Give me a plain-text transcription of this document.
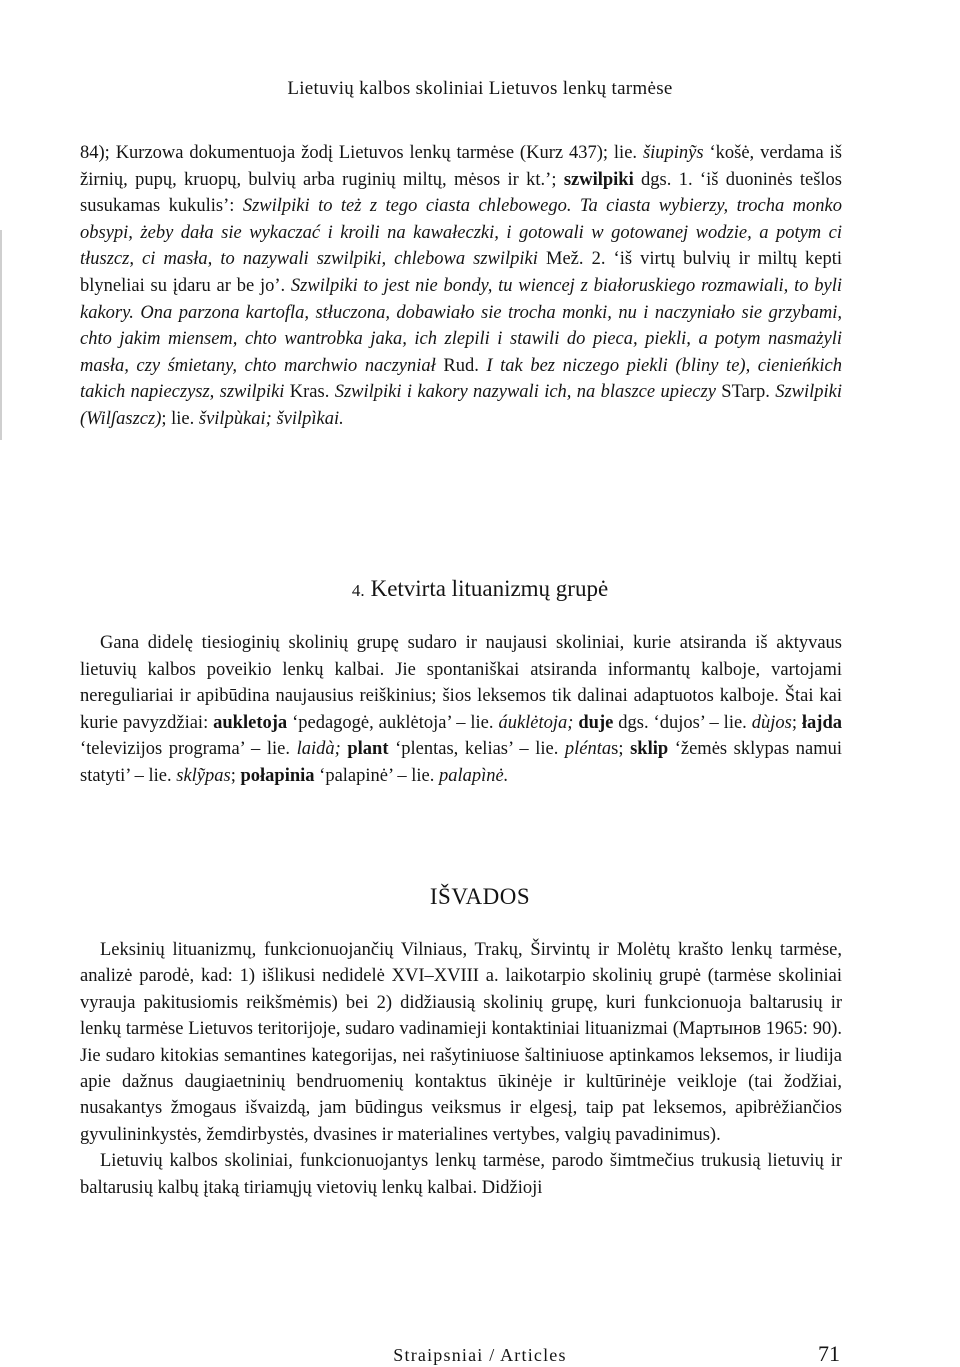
Lietuvių kalbos skoliniai Lietuvos lenkų tarmėse

84); Kurzowa dokumentuoja žodį Lietuvos lenkų tarmėse (Kurz 437); lie. šiupinỹs ‘košė, verdama iš žirnių, pupų, kruopų, bulvių arba ruginių miltų, mėsos ir kt.’; szwilpiki dgs. 1. ‘iš duoninės tešlos susukamas kukulis’: Szwilpiki to też z tego ciasta chlebowego. Ta ciasta wybierzy, trocha monko obsypi, żeby dała sie wykaczać i kroili na kawałeczki, i gotowali w gotowanej wodzie, a potym ci tłuszcz, ci masła, to nazywali szwilpiki, chlebowa szwilpiki Mež. 2. ‘iš virtų bulvių ir miltų kepti blyneliai su įdaru ar be jo’. Szwilpiki to jest nie bondy, tu wiencej z białoruskiego rozmawiali, to byli kakory. Ona parzona kartofla, stłuczona, dobawiało sie trocha monki, nu i naczyniało sie grzybami, chto jakim miensem, chto wantrobka jaka, ich zlepili i stawili do pieca, piekli, a potym nasmażyli masła, czy śmietany, chto marchwio naczyniał Rud. I tak bez niczego piekli (bliny te), cienieńkich takich napieczysz, szwilpiki Kras. Szwilpiki i kakory nazywali ich, na blaszce upieczy STarp. Szwilpiki (Wilʃaszcz); lie. švilpùkai; švilpìkai.

4. Ketvirta lituanizmų grupė

Gana didelę tiesioginių skolinių grupę sudaro ir naujausi skoliniai, kurie atsiranda iš aktyvaus lietuvių kalbos poveikio lenkų kalbai. Jie spontaniškai atsiranda informantų kalboje, vartojami nereguliariai ir apibūdina naujausius reiškinius; šios leksemos tik dalinai adaptuotos kalboje. Štai kai kurie pavyzdžiai: aukletoja ‘pedagogė, auklėtoja’ – lie. áuklėtoja; duje dgs. ‘dujos’ – lie. dùjos; łajda ‘televizijos programa’ – lie. laidà; plant ‘plentas, kelias’ – lie. pléntas; sklip ‘žemės sklypas namui statyti’ – lie. sklỹpas; połapinia ‘palapinė’ – lie. palapìnė.

IŠVADOS

Leksinių lituanizmų, funkcionuojančių Vilniaus, Trakų, Širvintų ir Molėtų krašto lenkų tarmėse, analizė parodė, kad: 1) išlikusi nedidelė XVI–XVIII a. laikotarpio skolinių grupė (tarmėse skoliniai vyrauja pakitusiomis reikšmėmis) bei 2) didžiausią skolinių grupę, kuri funkcionuoja baltarusių ir lenkų tarmėse Lietuvos teritorijoje, sudaro vadinamieji kontaktiniai lituanizmai (Мартынов 1965: 90). Jie sudaro kitokias semantines kategorijas, nei rašytiniuose šaltiniuose aptinkamos leksemos, ir liudija apie dažnus daugiaetninių bendruomenių kontaktus ūkinėje ir kultūrinėje veikloje (tai žodžiai, nusakantys žmogaus išvaizdą, jam būdingus veiksmus ir elgesį, taip pat leksemos, apibrėžiančios gyvulininkystės, žemdirbystės, dvasines ir materialines vertybes, valgių pavadinimus).

Lietuvių kalbos skoliniai, funkcionuojantys lenkų tarmėse, parodo šimtmečius trukusią lietuvių ir baltarusių kalbų įtaką tiriamųjų vietovių lenkų kalbai. Didžioji

Straipsniai / Articles	71
